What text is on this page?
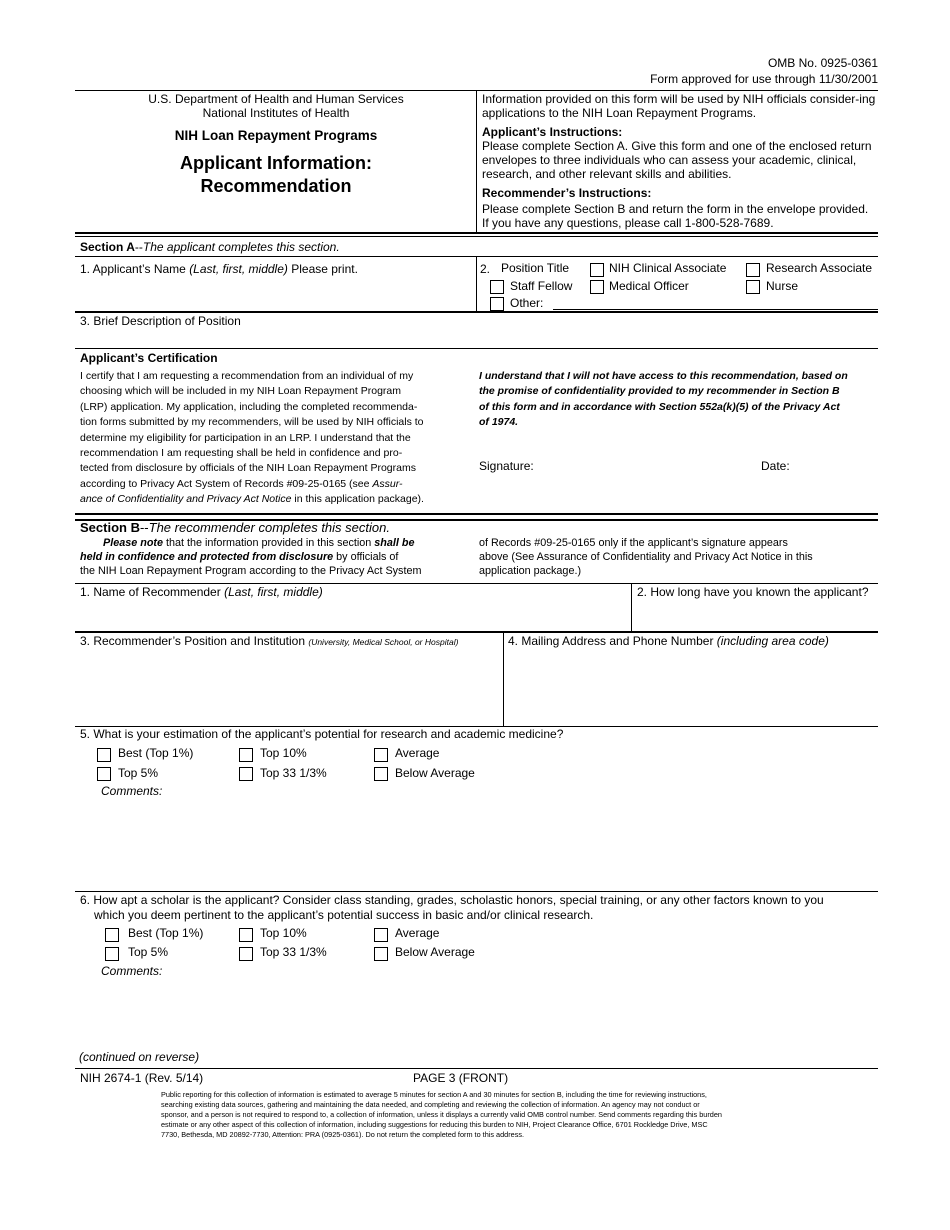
OMB No. 0925-0361
Form approved for use through 11/30/2001
U.S. Department of Health and Human Services
National Institutes of Health
NIH Loan Repayment Programs
Applicant Information:
Recommendation
Information provided on this form will be used by NIH officials consider-ing applications to the NIH Loan Repayment Programs.
Applicant’s Instructions:
Please complete Section A. Give this form and one of the enclosed return envelopes to three individuals who can assess your academic, clinical, research, and other relevant skills and abilities.
Recommender’s Instructions:
Please complete Section B and return the form in the envelope provided.
If you have any questions, please call 1-800-528-7689.
Section A--The applicant completes this section.
1. Applicant’s Name (Last, first, middle) Please print.	2. Position Title	NIH Clinical Associate	Research Associate
Staff Fellow	Medical Officer	Nurse
Other:
3. Brief Description of Position
Applicant’s Certification
I certify that I am requesting a recommendation from an individual of my
choosing which will be included in my NIH Loan Repayment Program
(LRP) application. My application, including the completed recommenda-
tion forms submitted by my recommenders, will be used by NIH officials to
determine my eligibility for participation in an LRP. I understand that the
recommendation I am requesting shall be held in confidence and pro-
tected from disclosure by officials of the NIH Loan Repayment Programs
according to Privacy Act System of Records #09-25-0165 (see Assur-
ance of Confidentiality and Privacy Act Notice in this application package).
I understand that I will not have access to this recommendation, based on
the promise of confidentiality provided to my recommender in Section B
of this form and in accordance with Section 552a(k)(5) of the Privacy Act
of 1974.
Signature:	Date:
Section B--The recommender completes this section.
Please note that the information provided in this section shall be
held in confidence and protected from disclosure by officials of
the NIH Loan Repayment Program according to the Privacy Act System
of Records #09-25-0165 only if the applicant’s signature appears
above (See Assurance of Confidentiality and Privacy Act Notice in this
application package.)
1. Name of Recommender (Last, first, middle)	2. How long have you known the applicant?
3. Recommender’s Position and Institution (University, Medical School, or Hospital)	4. Mailing Address and Phone Number (including area code)
5. What is your estimation of the applicant’s potential for research and academic medicine?
Best (Top 1%)	Top 10%	Average
Top 5%	Top 33 1/3%	Below Average
Comments:
6. How apt a scholar is the applicant? Consider class standing, grades, scholastic honors, special training, or any other factors known to you
which you deem pertinent to the applicant’s potential success in basic and/or clinical research.
Best (Top 1%)	Top 10%	Average
Top 5%	Top 33 1/3%	Below Average
Comments:
(continued on reverse)
NIH 2674-1 (Rev. 5/14)	PAGE 3 (FRONT)
Public reporting for this collection of information is estimated to average 5 minutes for section A and 30 minutes for section B, including the time for reviewing instructions,
searching existing data sources, gathering and maintaining the data needed, and completing and reviewing the collection of information. An agency may not conduct or
sponsor, and a person is not required to respond to, a collection of information, unless it displays a currently valid OMB control number. Send comments regarding this burden
estimate or any other aspect of this collection of information, including suggestions for reducing this burden to NIH, Project Clearance Office, 6701 Rockledge Drive, MSC
7730, Bethesda, MD 20892-7730, Attention: PRA (0925-0361). Do not return the completed form to this address.
